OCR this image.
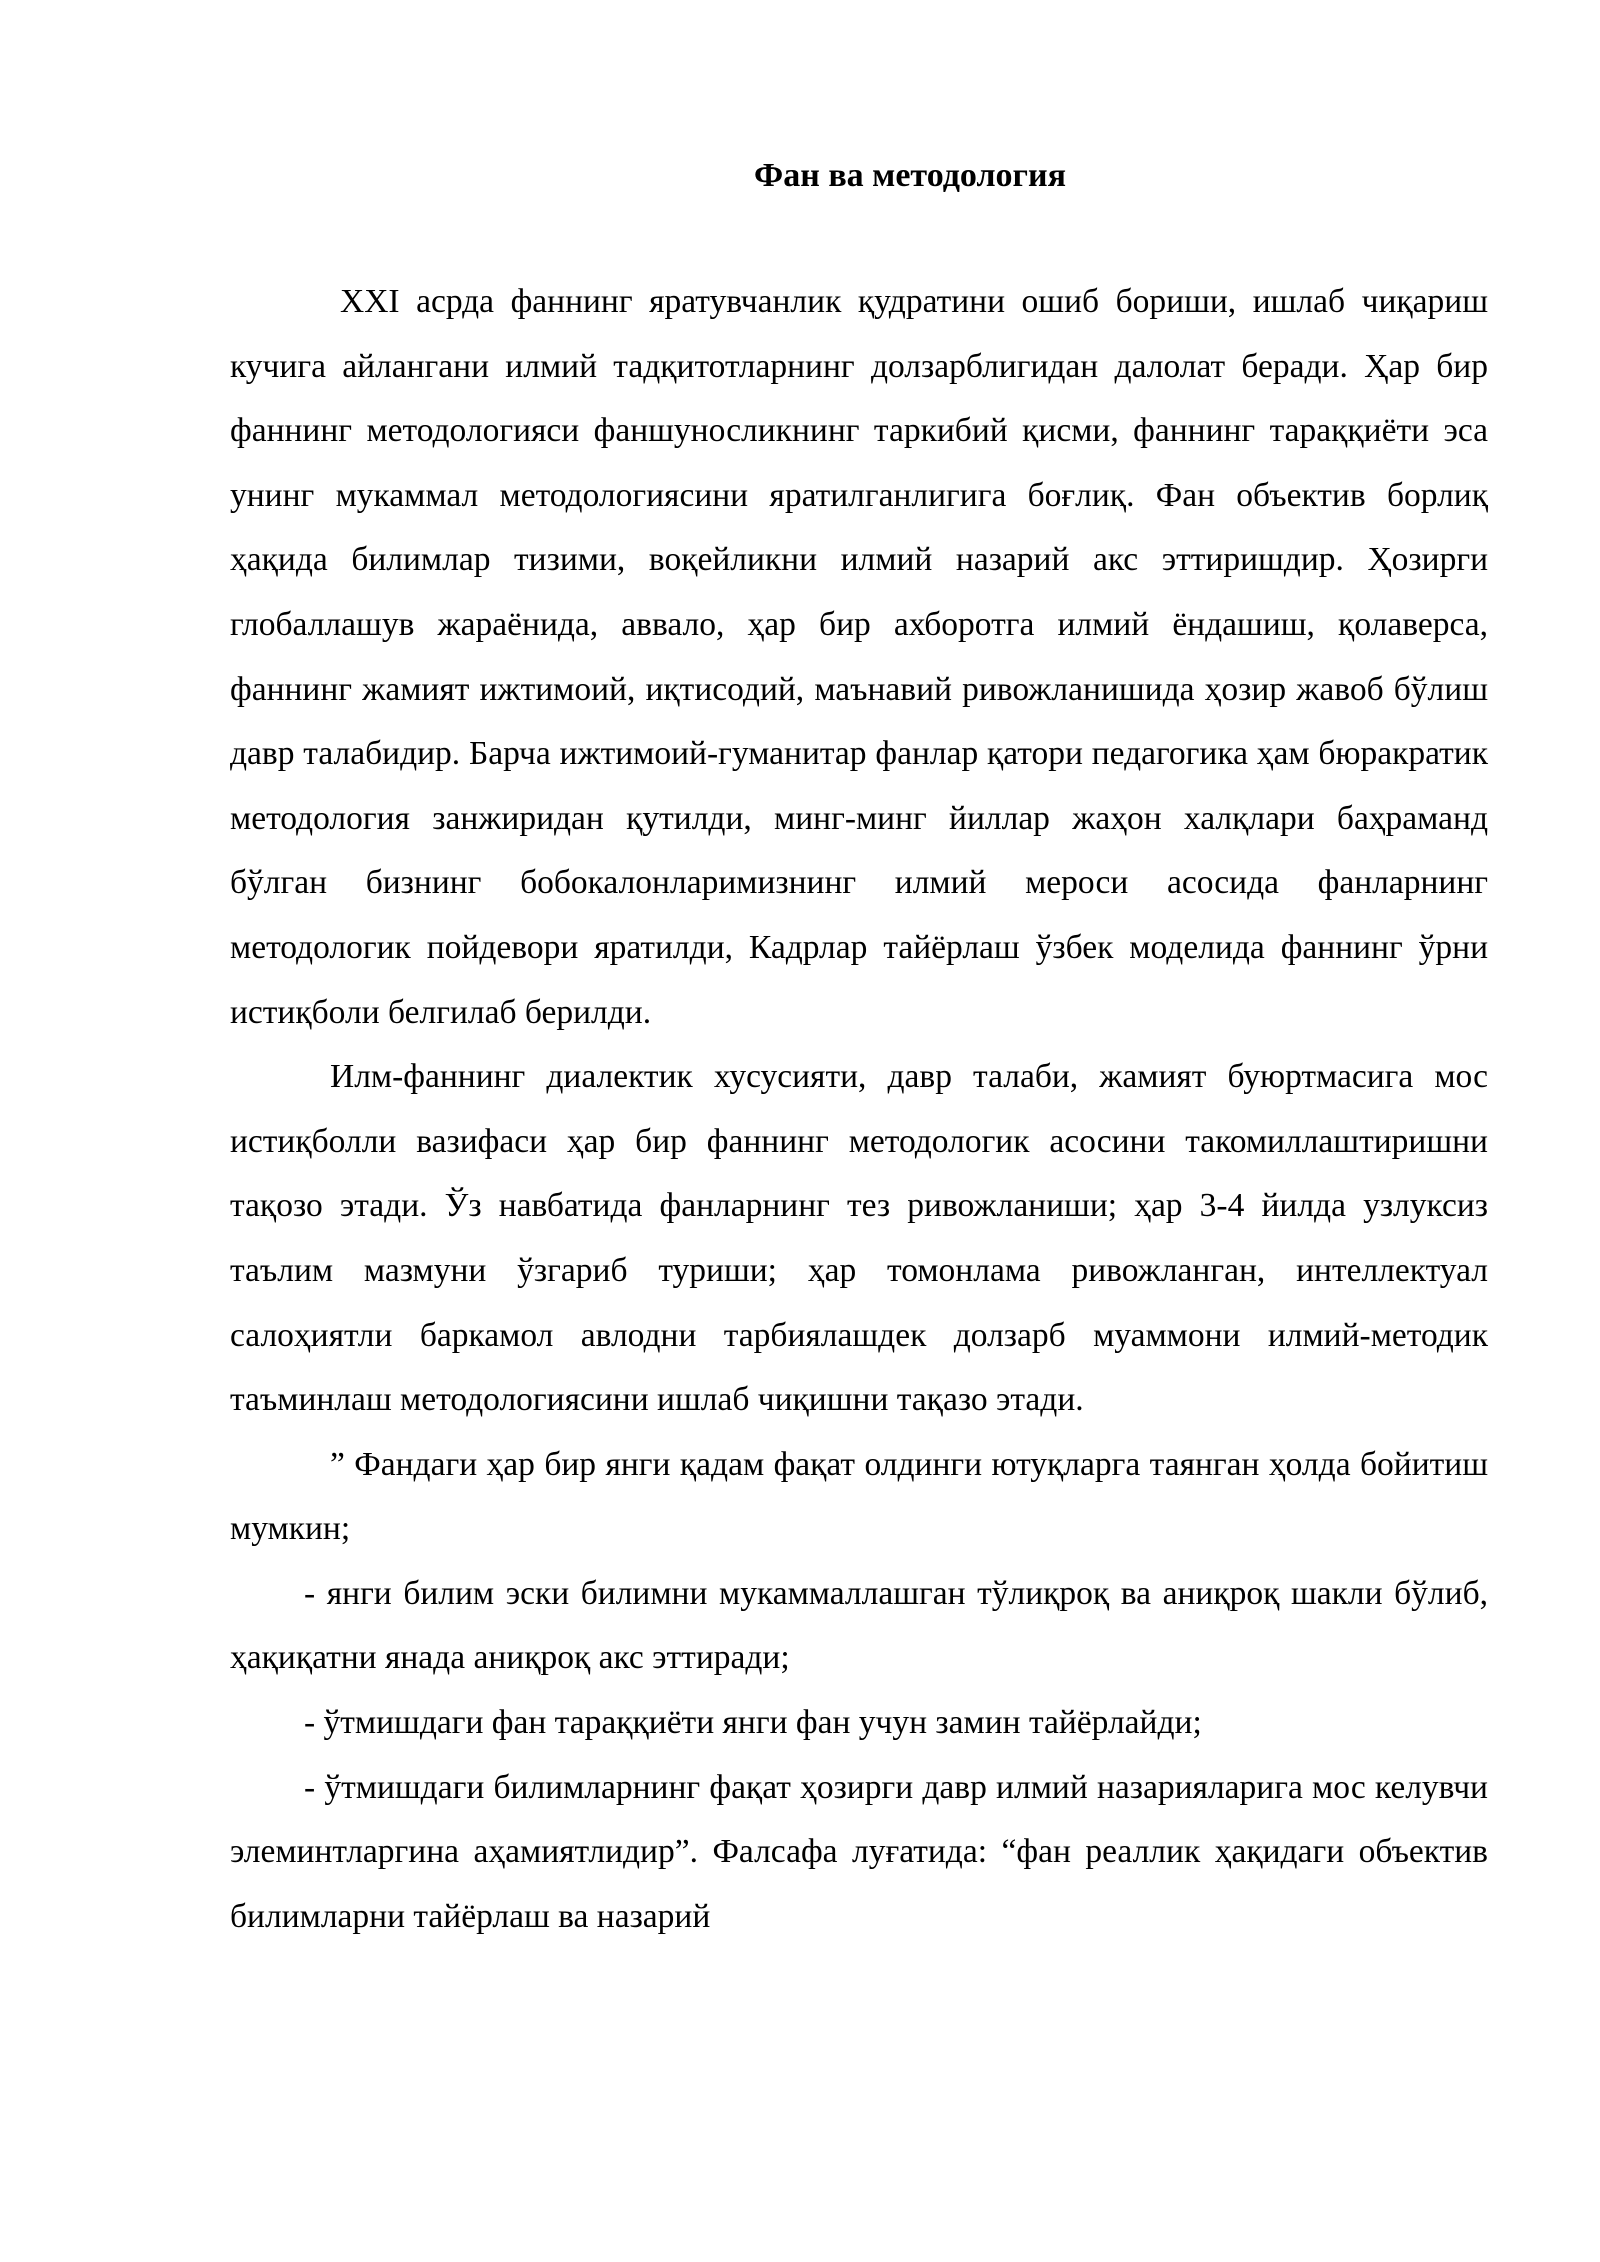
Фан ва методология

XXI асрда фаннинг яратувчанлик қудратини ошиб бориши, ишлаб чиқариш кучига айлангани илмий тадқитотларнинг долзарблигидан далолат беради. Ҳар бир фаннинг методологияси фаншуносликнинг таркибий қисми, фаннинг тараққиёти эса унинг мукаммал методологиясини яратилганлигига боғлиқ. Фан объектив борлиқ ҳақида билимлар тизими, воқейликни илмий назарий акс эттиришдир. Ҳозирги глобаллашув жараёнида, аввало, ҳар бир ахборотга илмий ёндашиш, қолаверса, фаннинг жамият ижтимоий, иқтисодий, маънавий ривожланишида ҳозир жавоб бўлиш давр талабидир. Барча ижтимоий-гуманитар фанлар қатори педагогика ҳам бюракратик методология занжиридан қутилди, минг-минг йиллар жаҳон халқлари баҳраманд бўлган бизнинг бобокалонларимизнинг илмий мероси асосида фанларнинг методологик пойдевори яратилди, Кадрлар тайёрлаш ўзбек моделида фаннинг ўрни истиқболи белгилаб берилди.

Илм-фаннинг диалектик хусусияти, давр талаби, жамият буюртмасига мос истиқболли вазифаси ҳар бир фаннинг методологик асосини такомиллаштиришни тақозо этади. Ўз навбатида фанларнинг тез ривожланиши; ҳар 3-4 йилда узлуксиз таълим мазмуни ўзгариб туриши; ҳар томонлама ривожланган, интеллектуал салоҳиятли баркамол авлодни тарбиялашдек долзарб муаммони илмий-методик таъминлаш методологиясини ишлаб чиқишни тақазо этади.

” Фандаги ҳар бир янги қадам фақат олдинги ютуқларга таянган ҳолда бойитиш мумкин;

- янги билим эски билимни мукаммаллашган тўлиқроқ ва аниқроқ шакли бўлиб, ҳақиқатни янада аниқроқ акс эттиради;

- ўтмишдаги фан тараққиёти янги фан учун замин тайёрлайди;

- ўтмишдаги билимларнинг фақат ҳозирги давр илмий назарияларига мос келувчи элеминтларгина аҳамиятлидир”. Фалсафа луғатида: “фан реаллик ҳақидаги объектив билимларни тайёрлаш ва назарий
